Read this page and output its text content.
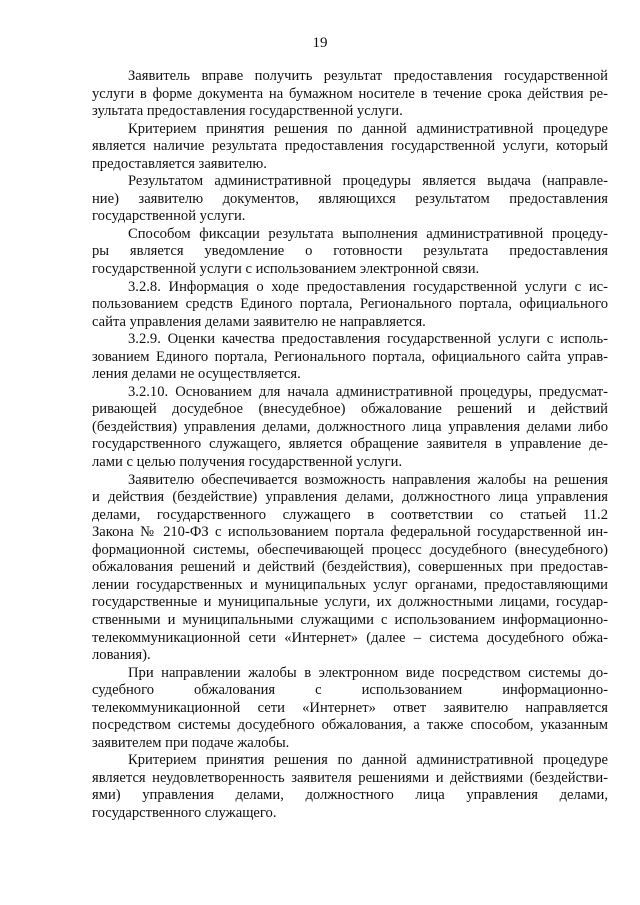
19
Заявитель вправе получить результат предоставления государственной
услуги в форме документа на бумажном носителе в течение срока действия ре-
зультата предоставления государственной услуги.
Критерием принятия решения по данной административной процедуре
является наличие результата предоставления государственной услуги, который
предоставляется заявителю.
Результатом административной процедуры является выдача (направле-
ние) заявителю документов, являющихся результатом предоставления
государственной услуги.
Способом фиксации результата выполнения административной процеду-
ры является уведомление о готовности результата предоставления
государственной услуги с использованием электронной связи.
3.2.8. Информация о ходе предоставления государственной услуги с ис-
пользованием средств Единого портала, Регионального портала, официального
сайта управления делами заявителю не направляется.
3.2.9. Оценки качества предоставления государственной услуги с исполь-
зованием Единого портала, Регионального портала, официального сайта управ-
ления делами не осуществляется.
3.2.10. Основанием для начала административной процедуры, предусмат-
ривающей досудебное (внесудебное) обжалование решений и действий
(бездействия) управления делами, должностного лица управления делами либо
государственного служащего, является обращение заявителя в управление де-
лами с целью получения государственной услуги.
Заявителю обеспечивается возможность направления жалобы на решения
и действия (бездействие) управления делами, должностного лица управления
делами, государственного служащего в соответствии со статьей 11.2
Закона № 210-ФЗ с использованием портала федеральной государственной ин-
формационной системы, обеспечивающей процесс досудебного (внесудебного)
обжалования решений и действий (бездействия), совершенных при предостав-
лении государственных и муниципальных услуг органами, предоставляющими
государственные и муниципальные услуги, их должностными лицами, государ-
ственными и муниципальными служащими с использованием информационно-
телекоммуникационной сети «Интернет» (далее – система досудебного обжа-
лования).
При направлении жалобы в электронном виде посредством системы до-
судебного обжалования с использованием информационно-
телекоммуникационной сети «Интернет» ответ заявителю направляется
посредством системы досудебного обжалования, а также способом, указанным
заявителем при подаче жалобы.
Критерием принятия решения по данной административной процедуре
является неудовлетворенность заявителя решениями и действиями (бездействи-
ями) управления делами, должностного лица управления делами,
государственного служащего.
